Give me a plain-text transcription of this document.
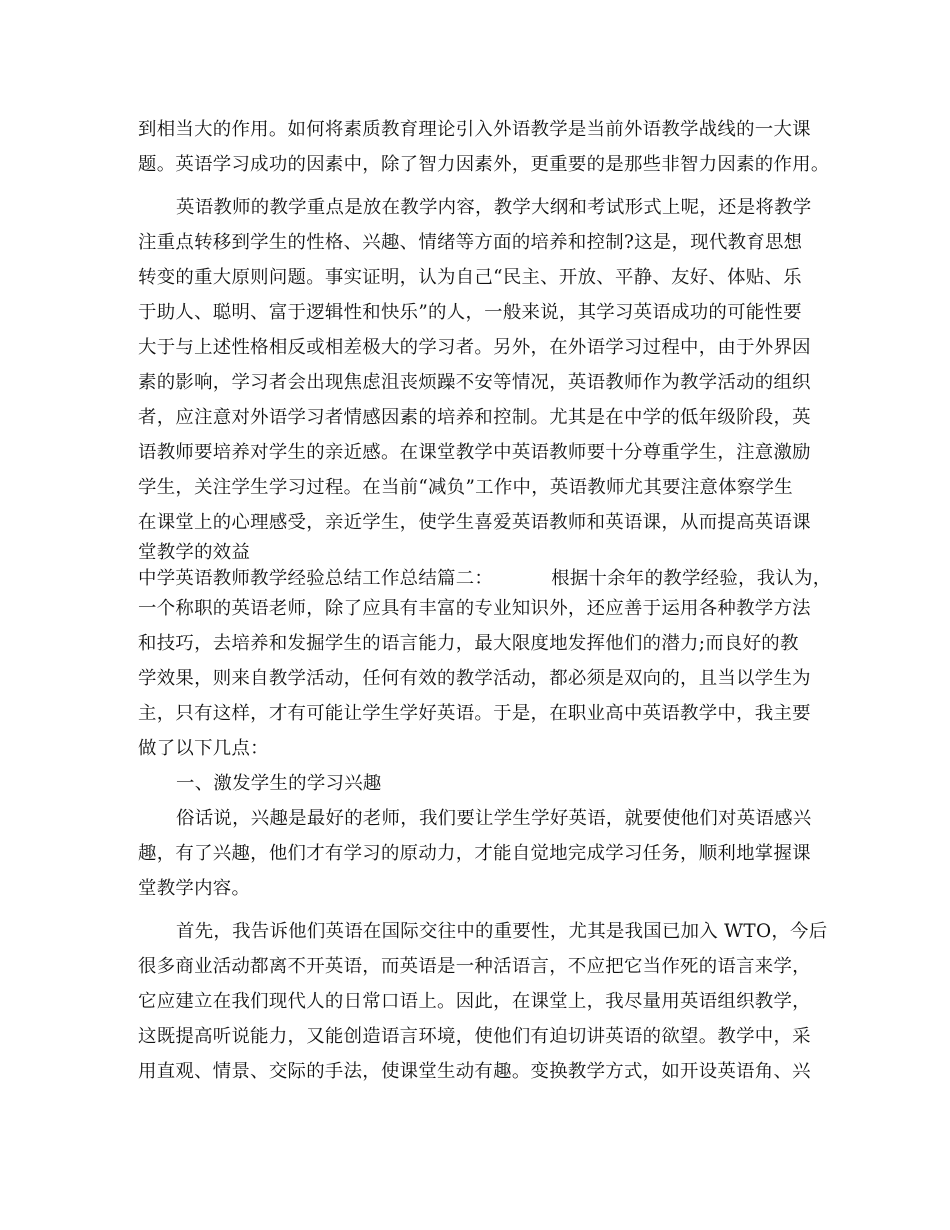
到相当大的作用。如何将素质教育理论引入外语教学是当前外语教学战线的一大课
题。英语学习成功的因素中，除了智力因素外，更重要的是那些非智力因素的作用。
英语教师的教学重点是放在教学内容，教学大纲和考试形式上呢，还是将教学
注重点转移到学生的性格、兴趣、情绪等方面的培养和控制?这是，现代教育思想
转变的重大原则问题。事实证明，认为自己“民主、开放、平静、友好、体贴、乐
于助人、聪明、富于逻辑性和快乐”的人，一般来说，其学习英语成功的可能性要
大于与上述性格相反或相差极大的学习者。另外，在外语学习过程中，由于外界因
素的影响，学习者会出现焦虑沮丧烦躁不安等情况，英语教师作为教学活动的组织
者，应注意对外语学习者情感因素的培养和控制。尤其是在中学的低年级阶段，英
语教师要培养对学生的亲近感。在课堂教学中英语教师要十分尊重学生，注意激励
学生，关注学生学习过程。在当前“减负”工作中，英语教师尤其要注意体察学生
在课堂上的心理感受，亲近学生，使学生喜爱英语教师和英语课，从而提高英语课
堂教学的效益
中学英语教师教学经验总结工作总结篇二：	根据十余年的教学经验，我认为，
一个称职的英语老师，除了应具有丰富的专业知识外，还应善于运用各种教学方法
和技巧，去培养和发掘学生的语言能力，最大限度地发挥他们的潜力;而良好的教
学效果，则来自教学活动，任何有效的教学活动，都必须是双向的，且当以学生为
主，只有这样，才有可能让学生学好英语。于是，在职业高中英语教学中，我主要
做了以下几点：
一、激发学生的学习兴趣
俗话说，兴趣是最好的老师，我们要让学生学好英语，就要使他们对英语感兴
趣，有了兴趣，他们才有学习的原动力，才能自觉地完成学习任务，顺利地掌握课
堂教学内容。
首先，我告诉他们英语在国际交往中的重要性，尤其是我国已加入 WTO，今后
很多商业活动都离不开英语，而英语是一种活语言，不应把它当作死的语言来学，
它应建立在我们现代人的日常口语上。因此，在课堂上，我尽量用英语组织教学，
这既提高听说能力，又能创造语言环境，使他们有迫切讲英语的欲望。教学中，采
用直观、情景、交际的手法，使课堂生动有趣。变换教学方式，如开设英语角、兴
